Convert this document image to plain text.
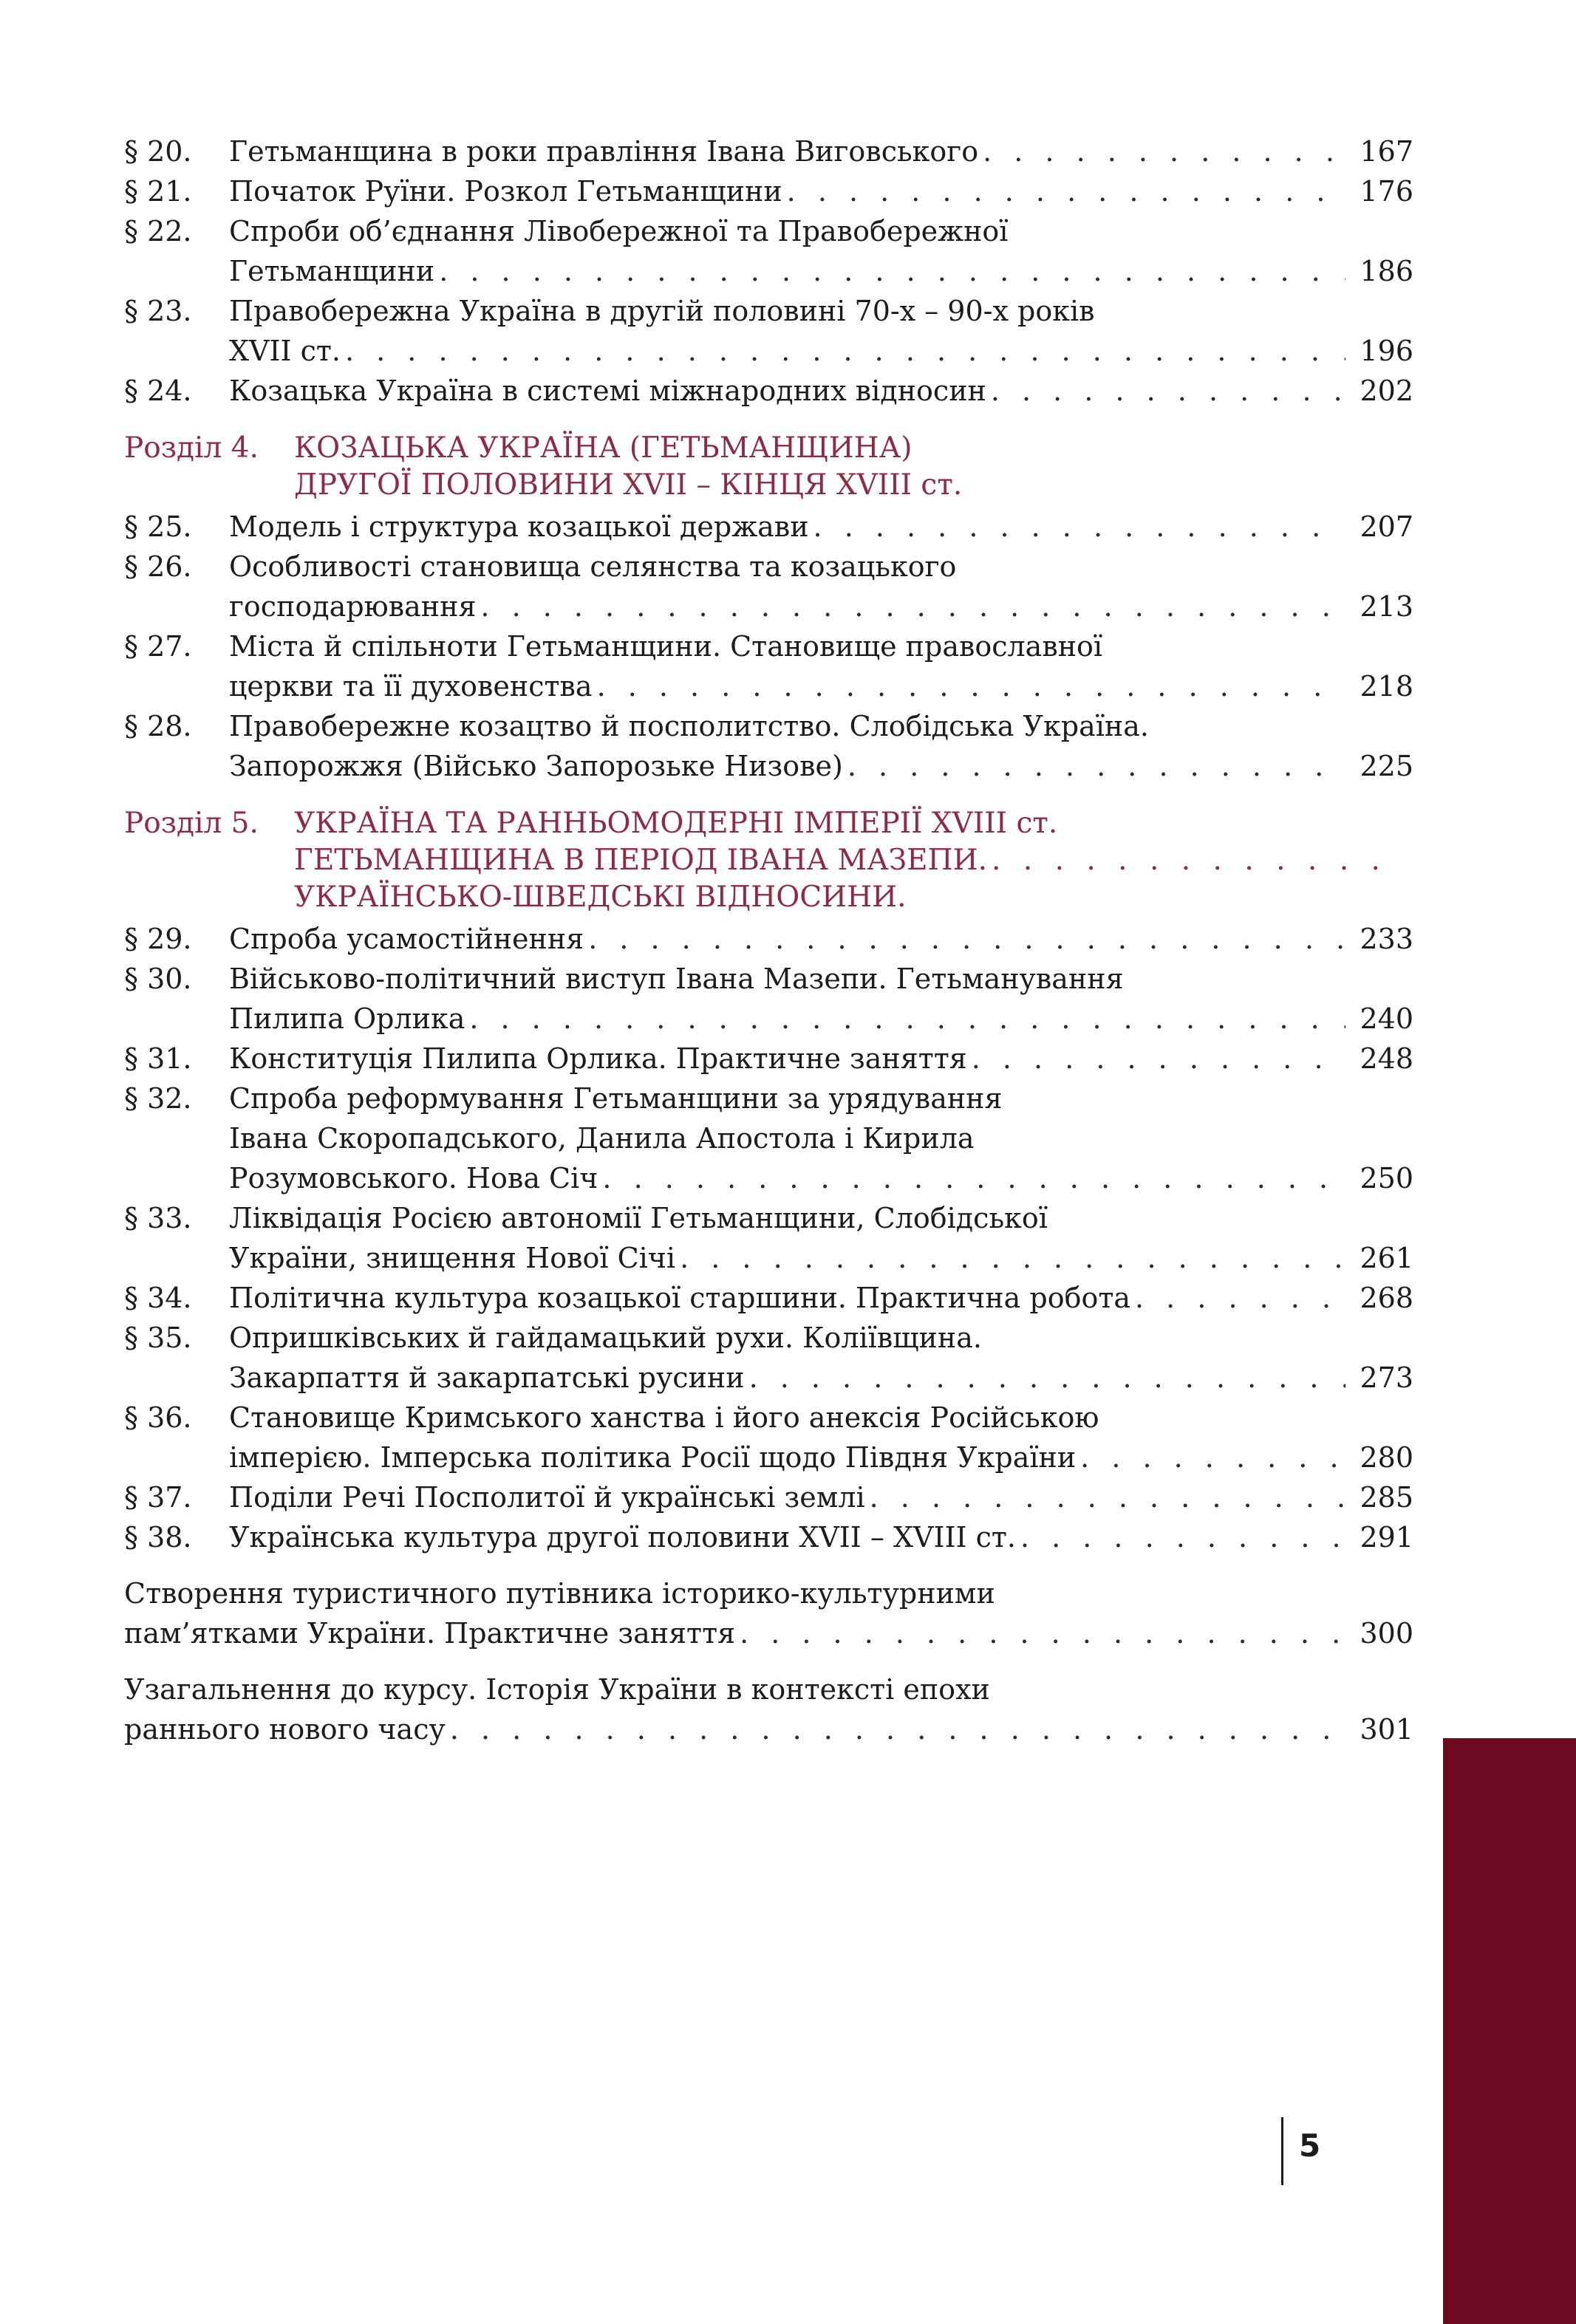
§ 20.	Гетьманщина в роки правління Івана Виговського . . .	167
§ 21.	Початок Руїни. Розкол Гетьманщини . . .	176
§ 22.	Спроби об’єднання Лівобережної та Правобережної
Гетьманщини . . .	186
§ 23.	Правобережна Україна в другій половині 70-х – 90-х років
XVII ст. . . .	196
§ 24.	Козацька Україна в системі міжнародних відносин . . .	202
Розділ 4.	КОЗАЦЬКА УКРАЇНА (ГЕТЬМАНЩИНА)
ДРУГОЇ ПОЛОВИНИ XVII – КІНЦЯ XVIII ст.
§ 25.	Модель і структура козацької держави . . .	207
§ 26.	Особливості становища селянства та козацького
господарювання . . .	213
§ 27.	Міста й спільноти Гетьманщини. Становище православної
церкви та її духовенства . . .	218
§ 28.	Правобережне козацтво й посполитство. Слобідська Україна.
Запорожжя (Військо Запорозьке Низове) . . .	225
Розділ 5.	УКРАЇНА ТА РАННЬОМОДЕРНІ ІМПЕРІЇ XVIII ст.
ГЕТЬМАНЩИНА В ПЕРІОД ІВАНА МАЗЕПИ.
. . .
УКРАЇНСЬКО-ШВЕДСЬКІ ВІДНОСИНИ.
§ 29.	Спроба усамостійнення . . .	233
§ 30.	Військово-політичний виступ Івана Мазепи. Гетьманування
Пилипа Орлика . . .	240
§ 31.	Конституція Пилипа Орлика. Практичне заняття . . .	248
§ 32.	Спроба реформування Гетьманщини за урядування
Івана Скоропадського, Данила Апостола і Кирила
Розумовського. Нова Січ . . .	250
§ 33.	Ліквідація Росією автономії Гетьманщини, Слобідської
України, знищення Нової Січі . . .	261
§ 34.	Політична культура козацької старшини. Практична робота . . .	268
§ 35.	Опришківських й гайдамацький рухи. Коліївщина.
Закарпаття й закарпатські русини . . .	273
§ 36.	Становище Кримського ханства і його анексія Російською
імперією. Імперська політика Росії щодо Півдня України . . .	280
§ 37.	Поділи Речі Посполитої й українські землі . . .	285
§ 38.	Українська культура другої половини XVII – XVIII ст. . . .	291
Створення туристичного путівника історико-культурними
пам’ятками України. Практичне заняття . . .	300
Узагальнення до курсу. Історія України в контексті епохи
раннього нового часу . . .	301
5
